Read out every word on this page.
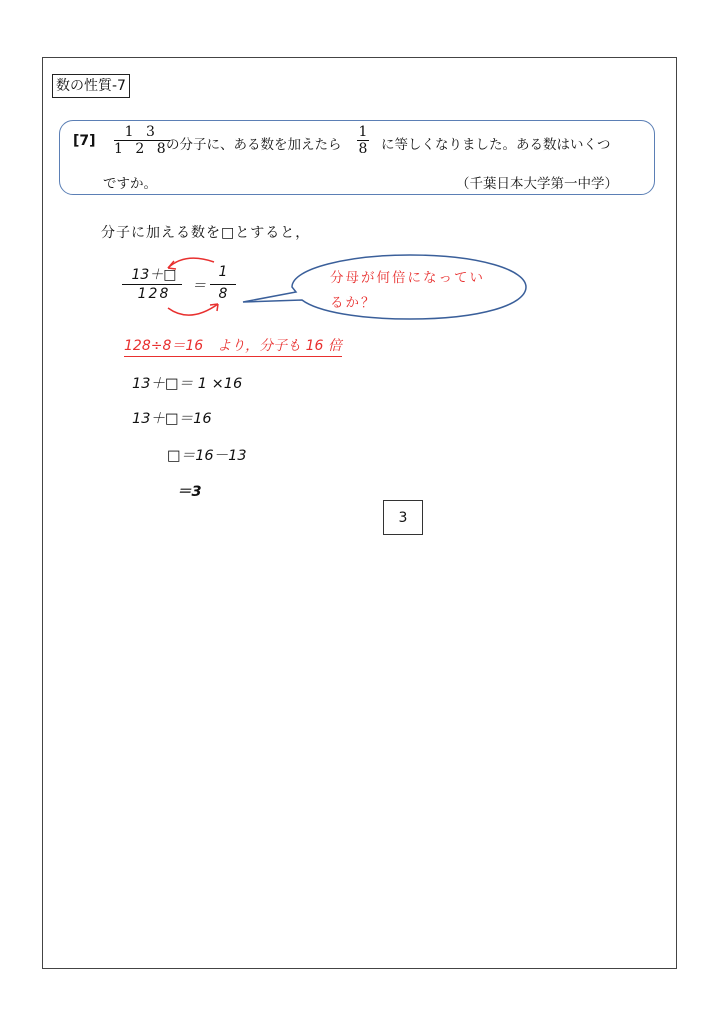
数の性質-7
[7]
1 3
1 2 8
の分子に、ある数を加えたら
1
8 に等しくなりました。ある数はいくつ
ですか。	（千葉日本大学第一中学）
分子に加える数を□とすると，
13＋□
128	＝
1
8
分母が何倍になってい
るか？
128÷8＝16　より，分子も 16 倍
13＋□＝ 1 ×16
13＋□＝16
□＝16－13
＝3
3
